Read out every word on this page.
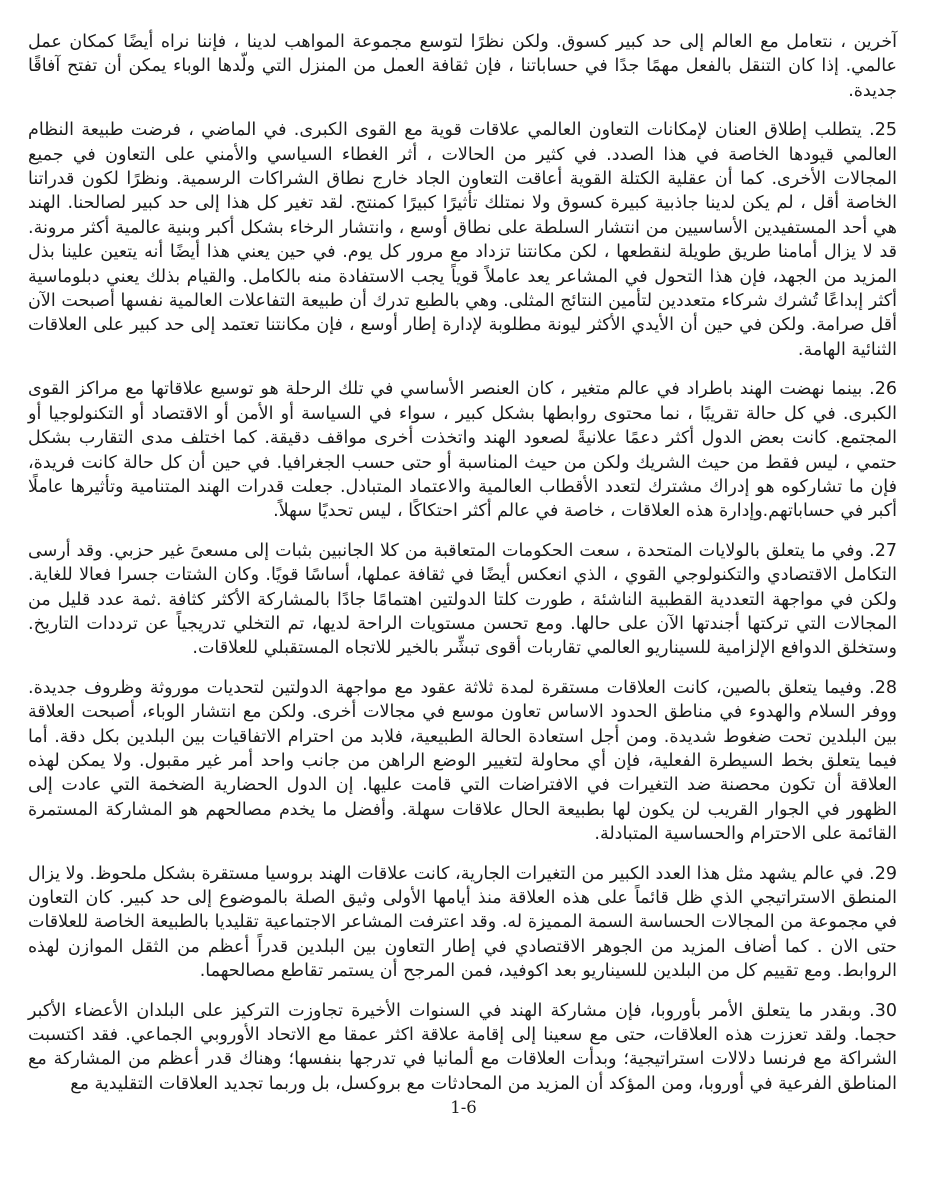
آخرين ، نتعامل مع العالم إلى حد كبير كسوق. ولكن نظرًا لتوسع مجموعة المواهب لدينا ، فإننا نراه أيضًا كمكان عمل عالمي. إذا كان التنقل بالفعل مهمًا جدًا في حساباتنا ، فإن ثقافة العمل من المنزل التي ولّدها الوباء يمكن أن تفتح آفاقًا جديدة.

25. يتطلب إطلاق العنان لإمكانات التعاون العالمي علاقات قوية مع القوى الكبرى. في الماضي ، فرضت طبيعة النظام العالمي قيودها الخاصة في هذا الصدد. في كثير من الحالات ، أثر الغطاء السياسي والأمني على التعاون في جميع المجالات الأخرى. كما أن عقلية الكتلة القوية أعاقت التعاون الجاد خارج نطاق الشراكات الرسمية. ونظرًا لكون قدراتنا الخاصة أقل ، لم يكن لدينا جاذبية كبيرة كسوق ولا نمتلك تأثيرًا كبيرًا كمنتج. لقد تغير كل هذا إلى حد كبير لصالحنا. الهند هي أحد المستفيدين الأساسيين من انتشار السلطة على نطاق أوسع ، وانتشار الرخاء بشكل أكبر وبنية عالمية أكثر مرونة. قد لا يزال أمامنا طريق طويلة لنقطعها ، لكن مكانتنا تزداد مع مرور كل يوم. في حين يعني هذا أيضًا أنه يتعين علينا بذل المزيد من الجهد، فإن هذا التحول في المشاعر يعد عاملاً قوياً يجب الاستفادة منه بالكامل. والقيام بذلك يعني دبلوماسية أكثر إبداعًا تُشرك شركاء متعددين لتأمين النتائج المثلى. وهي بالطبع تدرك أن طبيعة التفاعلات العالمية نفسها أصبحت الآن أقل صرامة. ولكن في حين أن الأيدي الأكثر ليونة مطلوبة لإدارة إطار أوسع ، فإن مكانتنا تعتمد إلى حد كبير على العلاقات الثنائية الهامة.

26. بينما نهضت الهند باطراد في عالم متغير ، كان العنصر الأساسي في تلك الرحلة هو توسيع علاقاتها مع مراكز القوى الكبرى. في كل حالة تقريبًا ، نما محتوى روابطها بشكل كبير ، سواء في السياسة أو الأمن أو الاقتصاد أو التكنولوجيا أو المجتمع. كانت بعض الدول أكثر دعمًا علانيةً لصعود الهند واتخذت أخرى مواقف دقيقة. كما اختلف مدى التقارب بشكل حتمي ، ليس فقط من حيث الشريك ولكن من حيث المناسبة أو حتى حسب الجغرافيا. في حين أن كل حالة كانت فريدة، فإن ما تشاركوه هو إدراك مشترك لتعدد الأقطاب العالمية والاعتماد المتبادل. جعلت قدرات الهند المتنامية وتأثيرها عاملًا أكبر في حساباتهم.وإدارة هذه العلاقات ، خاصة في عالم أكثر احتكاكًا ، ليس تحديًا سهلاً.

27. وفي ما يتعلق بالولايات المتحدة ، سعت الحكومات المتعاقبة من كلا الجانبين بثبات إلى مسعىً غير حزبي. وقد أرسى التكامل الاقتصادي والتكنولوجي القوي ، الذي انعكس أيضًا في ثقافة عملها، أساسًا قويًا. وكان الشتات جسرا فعالا للغاية. ولكن في مواجهة التعددية القطبية الناشئة ، طورت كلتا الدولتين اهتمامًا جادًا بالمشاركة الأكثر كثافة .ثمة عدد قليل من المجالات التي تركتها أجندتها الآن على حالها. ومع تحسن مستويات الراحة لديها، تم التخلي تدريجياً عن ترددات التاريخ. وستخلق الدوافع الإلزامية للسيناريو العالمي تقاربات أقوى تبشِّر بالخير للاتجاه المستقبلي للعلاقات.

28. وفيما يتعلق بالصين، كانت العلاقات مستقرة لمدة ثلاثة عقود مع مواجهة الدولتين لتحديات موروثة وظروف جديدة. ووفر السلام والهدوء في مناطق الحدود الاساس تعاون موسع في مجالات أخرى. ولكن مع انتشار الوباء، أصبحت العلاقة بين البلدين تحت ضغوط شديدة. ومن أجل استعادة الحالة الطبيعية، فلابد من احترام الاتفاقيات بين البلدين بكل دقة. أما فيما يتعلق بخط السيطرة الفعلية، فإن أي محاولة لتغيير الوضع الراهن من جانب واحد أمر غير مقبول. ولا يمكن لهذه العلاقة أن تكون محصنة ضد التغيرات في الافتراضات التي قامت عليها. إن الدول الحضارية الضخمة التي عادت إلى الظهور في الجوار القريب لن يكون لها بطبيعة الحال علاقات سهلة. وأفضل ما يخدم مصالحهم هو المشاركة المستمرة القائمة على الاحترام والحساسية المتبادلة.

29. في عالم يشهد مثل هذا العدد الكبير من التغيرات الجارية، كانت علاقات الهند بروسيا مستقرة بشكل ملحوظ. ولا يزال المنطق الاستراتيجي الذي ظل قائماً على هذه العلاقة منذ أيامها الأولى وثيق الصلة بالموضوع إلى حد كبير. كان التعاون في مجموعة من المجالات الحساسة السمة المميزة له. وقد اعترفت المشاعر الاجتماعية تقليديا بالطبيعة الخاصة للعلاقات حتى الان . كما أضاف المزيد من الجوهر الاقتصادي في إطار التعاون بين البلدين قدراً أعظم من الثقل الموازن لهذه الروابط. ومع تقييم كل من البلدين للسيناريو بعد اكوفيد، فمن المرجح أن يستمر تقاطع مصالحهما.

30. وبقدر ما يتعلق الأمر بأوروبا، فإن مشاركة الهند في السنوات الأخيرة تجاوزت التركيز على البلدان الأعضاء الأكبر حجما. ولقد تعززت هذه العلاقات، حتى مع سعينا إلى إقامة علاقة اكثر عمقا مع الاتحاد الأوروبي الجماعي. فقد اكتسبت الشراكة مع فرنسا دلالات استراتيجية؛ وبدأت العلاقات مع ألمانيا في تدرجها بنفسها؛ وهناك قدر أعظم من المشاركة مع المناطق الفرعية في أوروبا، ومن المؤكد أن المزيد من المحادثات مع بروكسل، بل وربما تجديد العلاقات التقليدية مع

1-6
